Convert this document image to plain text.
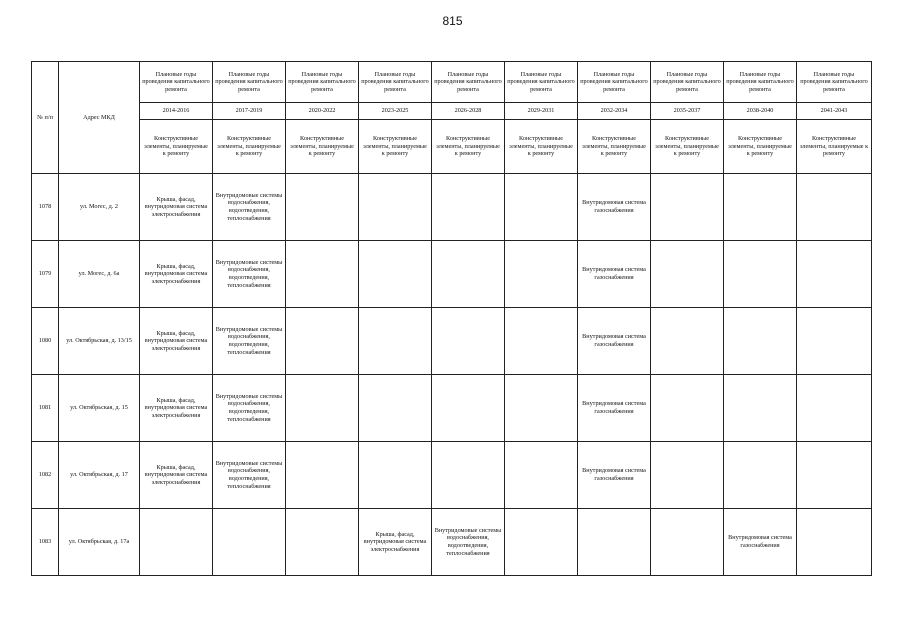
815
№ п/п	Адрес МКД	Плановые годы проведения капитального ремонта	Плановые годы проведения капитального ремонта	Плановые годы проведения капитального ремонта	Плановые годы проведения капитального ремонта	Плановые годы проведения капитального ремонта	Плановые годы проведения капитального ремонта	Плановые годы проведения капитального ремонта	Плановые годы проведения капитального ремонта	Плановые годы проведения капитального ремонта	Плановые годы проведения капитального ремонта
		2014-2016	2017-2019	2020-2022	2023-2025	2026-2028	2029-2031	2032-2034	2035-2037	2038-2040	2041-2043
		Конструктивные элементы, планируемые к ремонту	Конструктивные элементы, планируемые к ремонту	Конструктивные элементы, планируемые к ремонту	Конструктивные элементы, планируемые к ремонту	Конструктивные элементы, планируемые к ремонту	Конструктивные элементы, планируемые к ремонту	Конструктивные элементы, планируемые к ремонту	Конструктивные элементы, планируемые к ремонту	Конструктивные элементы, планируемые к ремонту	Конструктивные элементы, планируемые к ремонту
1078	ул. Могес, д. 2	Крыша, фасад, внутридомовая система электроснабжения	Внутридомовые системы водоснабжения, водоотведения, теплоснабжения					Внутридомовая система газоснабжения			
1079	ул. Могес, д. 6а	Крыша, фасад, внутридомовая система электроснабжения	Внутридомовые системы водоснабжения, водоотведения, теплоснабжения					Внутридомовая система газоснабжения			
1080	ул. Октябрьская, д. 13/15	Крыша, фасад, внутридомовая система электроснабжения	Внутридомовые системы водоснабжения, водоотведения, теплоснабжения					Внутридомовая система газоснабжения			
1081	ул. Октябрьская, д. 15	Крыша, фасад, внутридомовая система электроснабжения	Внутридомовые системы водоснабжения, водоотведения, теплоснабжения					Внутридомовая система газоснабжения			
1082	ул. Октябрьская, д. 17	Крыша, фасад, внутридомовая система электроснабжения	Внутридомовые системы водоснабжения, водоотведения, теплоснабжения					Внутридомовая система газоснабжения			
1083	ул. Октябрьская, д. 17а				Крыша, фасад, внутридомовая система электроснабжения	Внутридомовые системы водоснабжения, водоотведения, теплоснабжения				Внутридомовая система газоснабжения	
